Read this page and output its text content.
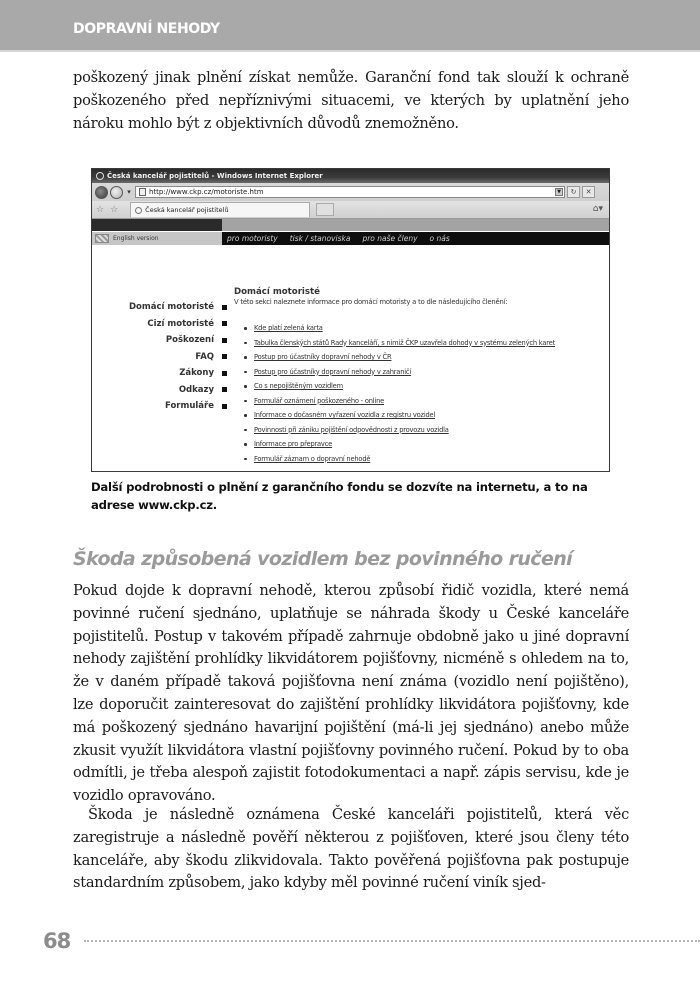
DOPRAVNÍ NEHODY

poškozený jinak plnění získat nemůže. Garanční fond tak slouží k ochraně poškozeného před nepříznivými situacemi, ve kterých by uplatnění jeho nároku mohlo být z objektivních důvodů znemožněno.

Česká kancelář pojistitelů - Windows Internet Explorer
▾	http://www.ckp.cz/motoriste.htm	▼	↻	✕
☆ ☆	Česká kancelář pojistitelů	⌂▾
English version	pro motoristy tisk / stanoviska pro naše členy o nás
Domácí motoristé
Cizí motoristé
Poškození
FAQ
Zákony
Odkazy
Formuláře
Domácí motoristé
V této sekci naleznete informace pro domácí motoristy a to dle následujícího členění:
Kde platí zelená karta
Tabulka členských států Rady kanceláří, s nimiž ČKP uzavřela dohody v systému zelených karet
Postup pro účastníky dopravní nehody v ČR
Postup pro účastníky dopravní nehody v zahraničí
Co s nepojištěným vozidlem
Formulář oznámení poškozeného - online
Informace o dočasném vyřazení vozidla z registru vozidel
Povinnosti při zániku pojištění odpovědnosti z provozu vozidla
Informace pro přepravce
Formulář záznam o dopravní nehodě

Další podrobnosti o plnění z garančního fondu se dozvíte na internetu, a to na adrese www.ckp.cz.

Škoda způsobená vozidlem bez povinného ručení

Pokud dojde k dopravní nehodě, kterou způsobí řidič vozidla, které nemá povinné ručení sjednáno, uplatňuje se náhrada škody u České kanceláře pojistitelů. Postup v takovém případě zahrnuje obdobně jako u jiné dopravní nehody zajištění prohlídky likvidátorem pojišťovny, nicméně s ohledem na to, že v daném případě taková pojišťovna není známa (vozidlo není pojištěno), lze doporučit zainteresovat do zajištění prohlídky likvidátora pojišťovny, kde má poškozený sjednáno havarijní pojištění (má-li jej sjednáno) anebo může zkusit využít likvidátora vlastní pojišťovny povinného ručení. Pokud by to oba odmítli, je třeba alespoň zajistit fotodokumentaci a např. zápis servisu, kde je vozidlo opravováno.

Škoda je následně oznámena České kanceláři pojistitelů, která věc zaregistruje a následně pověří některou z pojišťoven, které jsou členy této kanceláře, aby škodu zlikvidovala. Takto pověřená pojišťovna pak postupuje standardním způsobem, jako kdyby měl povinné ručení viník sjed-

68
